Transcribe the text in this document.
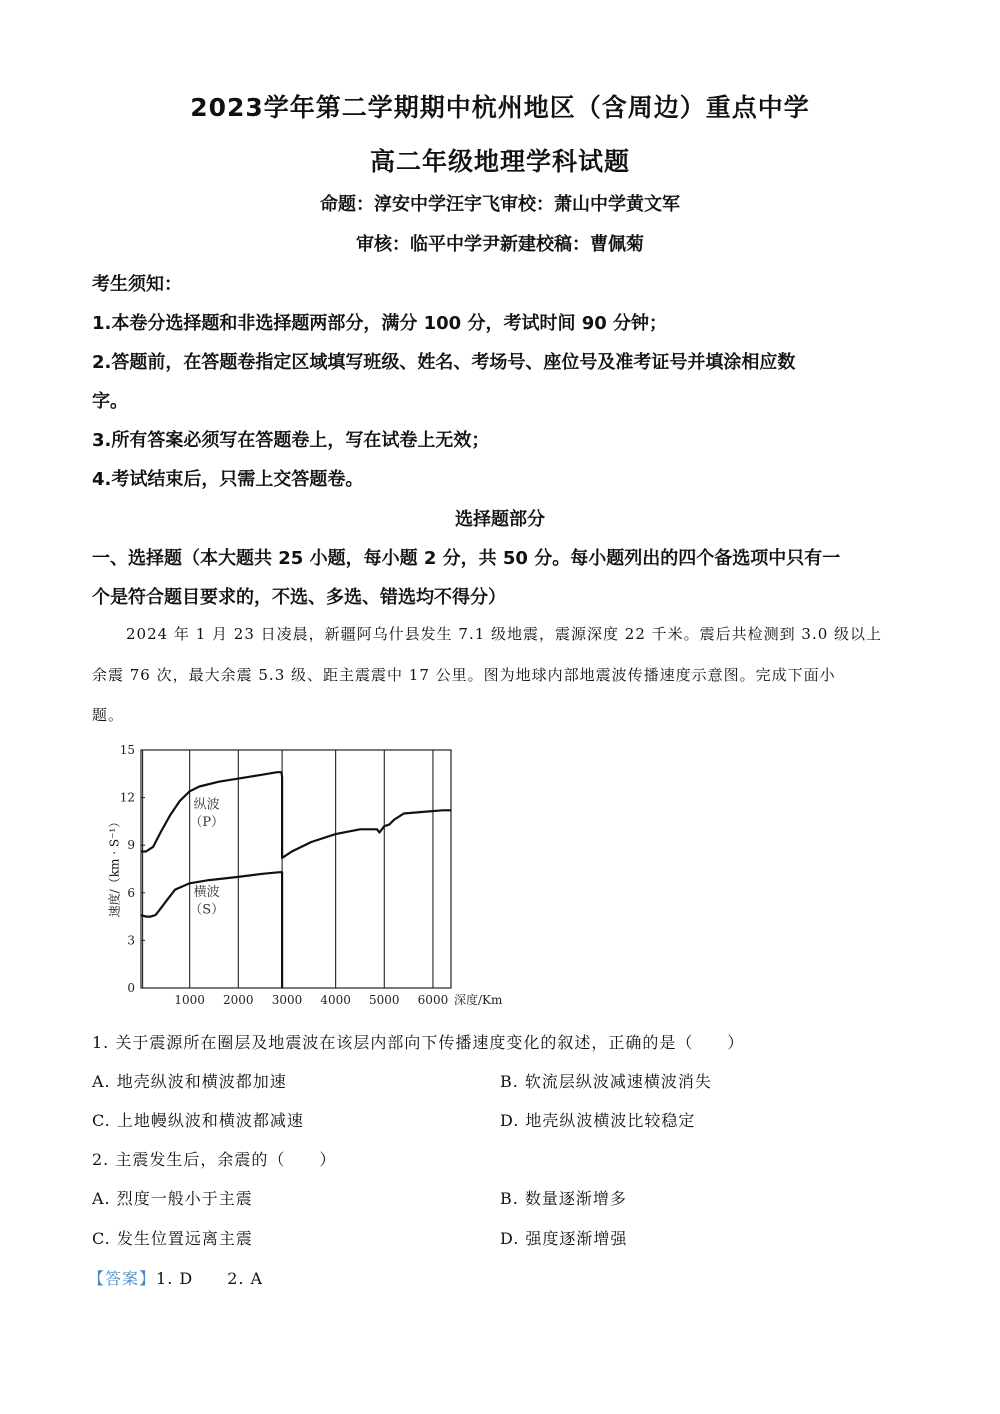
2023学年第二学期期中杭州地区（含周边）重点中学
高二年级地理学科试题
命题：淳安中学汪宇飞审校：萧山中学黄文军
审核：临平中学尹新建校稿：曹佩菊
考生须知：
1.本卷分选择题和非选择题两部分，满分 100 分，考试时间 90 分钟；
2.答题前，在答题卷指定区域填写班级、姓名、考场号、座位号及准考证号并填涂相应数
字。
3.所有答案必须写在答题卷上，写在试卷上无效；
4.考试结束后，只需上交答题卷。
选择题部分
一、选择题（本大题共 25 小题，每小题 2 分，共 50 分。每小题列出的四个备选项中只有一
个是符合题目要求的，不选、多选、错选均不得分）
2024 年 1 月 23 日凌晨，新疆阿乌什县发生 7.1 级地震，震源深度 22 千米。震后共检测到 3.0 级以上
余震 76 次，最大余震 5.3 级、距主震震中 17 公里。图为地球内部地震波传播速度示意图。完成下面小
题。
0
3
6
9
12
15
1000 2000 3000 4000 5000 6000 深度/Km
纵波
（P）
横波
（S）
速度/（km · S⁻¹）
1. 关于震源所在圈层及地震波在该层内部向下传播速度变化的叙述，正确的是（　　）
A. 地壳纵波和横波都加速	B. 软流层纵波减速横波消失
C. 上地幔纵波和横波都减速	D. 地壳纵波横波比较稳定
2. 主震发生后，余震的（　　）
A. 烈度一般小于主震	B. 数量逐渐增多
C. 发生位置远离主震	D. 强度逐渐增强
【答案】1. D 2. A
